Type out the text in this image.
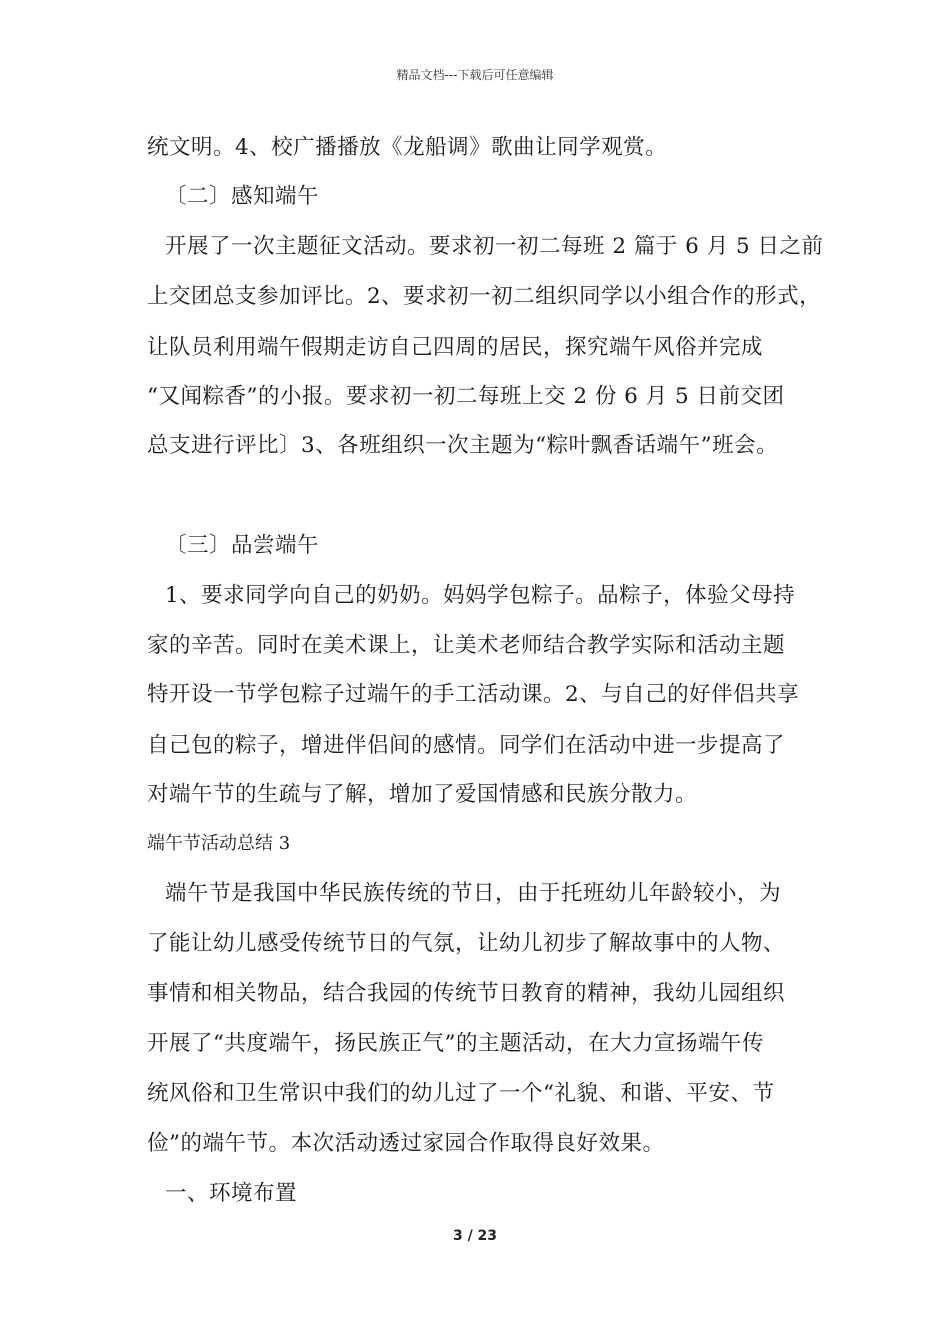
精品文档---下载后可任意编辑
统文明。4、校广播播放《龙船调》歌曲让同学观赏。
〔二〕感知端午
开展了一次主题征文活动。要求初一初二每班 2 篇于 6 月 5 日之前
上交团总支参加评比。2、要求初一初二组织同学以小组合作的形式，
让队员利用端午假期走访自己四周的居民，探究端午风俗并完成
“又闻粽香”的小报。要求初一初二每班上交 2 份 6 月 5 日前交团
总支进行评比〕3、各班组织一次主题为“粽叶飘香话端午”班会。
〔三〕品尝端午
1、要求同学向自己的奶奶。妈妈学包粽子。品粽子，体验父母持
家的辛苦。同时在美术课上，让美术老师结合教学实际和活动主题
特开设一节学包粽子过端午的手工活动课。2、与自己的好伴侣共享
自己包的粽子，增进伴侣间的感情。同学们在活动中进一步提高了
对端午节的生疏与了解，增加了爱国情感和民族分散力。
端午节活动总结 3
端午节是我国中华民族传统的节日，由于托班幼儿年龄较小，为
了能让幼儿感受传统节日的气氛，让幼儿初步了解故事中的人物、
事情和相关物品，结合我园的传统节日教育的精神，我幼儿园组织
开展了“共度端午，扬民族正气”的主题活动，在大力宣扬端午传
统风俗和卫生常识中我们的幼儿过了一个“礼貌、和谐、平安、节
俭”的端午节。本次活动透过家园合作取得良好效果。
一、环境布置
3 / 23
